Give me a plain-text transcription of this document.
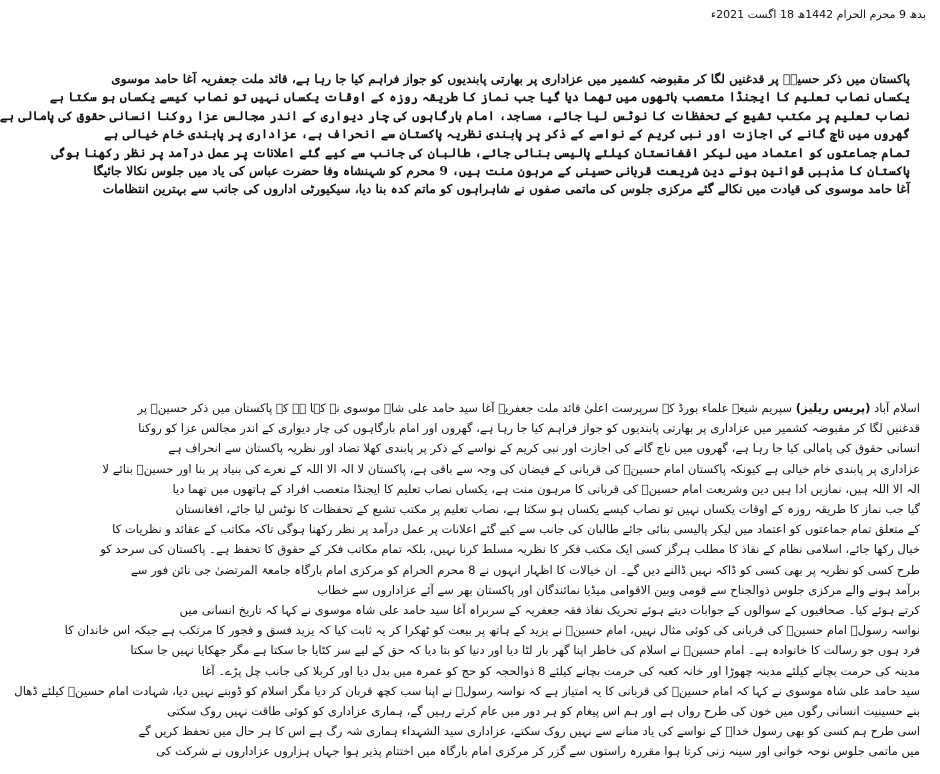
بدھ 9 محرم الحرام 1442ھ 18 اگست 2021ء
پاکستان میں ذکر حسینؑ پر قدغنیں لگا کر مقبوضہ کشمیر میں عزاداری پر بھارتی پابندیوں کو جواز فراہم کیا جا رہا ہے، قائد ملت جعفریہ آغا حامد موسوی
یکساں نصاب تعلیم کا ایجنڈا متعصب ہاتھوں میں تھما دیا گیا جب نماز کا طریقہ روزہ کے اوقات یکساں نہیں تو نصاب کیسے یکساں ہو سکتا ہے
نصاب تعلیم پر مکتب تشیع کے تحفظات کا نوٹس لیا جائے، مساجد، امام بارگاہوں کی چار دیواری کے اندر مجالس عزا روکنا انسانی حقوق کی پامالی ہے
گھروں میں ناچ گانے کی اجازت اور نبی کریم کے نواسے کے ذکر پر پابندی نظریہ پاکستان سے انحراف ہے، عزاداری پر پابندی خام خیالی ہے
تمام جماعتوں کو اعتماد میں لیکر افغانستان کیلئے پالیسی بنائی جائے، طالبان کی جانب سے کیے گئے اعلانات پر عمل درآمد پر نظر رکھنا ہوگی
پاکستان کا مذہبی قوانین ہونے دین شریعت قربانی حسینی کے مرہون منت ہیں، 9 محرم کو شہنشاہ وفا حضرت عباس کی یاد میں جلوس نکالا جائیگا
آغا حامد موسوی کی قیادت میں نکالے گئے مرکزی جلوس کی ماتمی صفوں نے شاہراہوں کو ماتم کدہ بنا دیا، سیکیورٹی اداروں کی جانب سے بہترین انتظامات
اسلام آباد (پریس ریلیز) سپریم شیعہ علماء بورڈ کے سرپرست اعلیٰ قائد ملت جعفریہ آغا سید حامد علی شاہ موسوی نے کہا ہے کہ پاکستان میں ذکر حسینؑ پر
قدغنیں لگا کر مقبوضہ کشمیر میں عزاداری پر بھارتی پابندیوں کو جواز فراہم کیا جا رہا ہے، گھروں اور امام بارگاہوں کی چار دیواری کے اندر مجالس عزا کو روکنا
انسانی حقوق کی پامالی کیا جا رہا ہے، گھروں میں ناچ گانے کی اجازت اور نبی کریم کے نواسے کے ذکر پر پابندی کھلا تضاد اور نظریہ پاکستان سے انحراف ہے
عزاداری پر پابندی خام خیالی ہے کیونکہ پاکستان امام حسینؑ کی قربانی کے فیضان کی وجہ سے باقی ہے، پاکستان لا الہ الا اللہ کے نعرے کی بنیاد پر بنا اور حسینؑ بنائے لا
الہ الا اللہ ہیں، نمازیں ادا ہیں دین وشریعت امام حسینؑ کی قربانی کا مرہون منت ہے، یکساں نصاب تعلیم کا ایجنڈا متعصب افراد کے ہاتھوں میں تھما دیا
گیا جب نماز کا طریقہ روزہ کے اوقات یکساں نہیں تو نصاب کیسے یکساں ہو سکتا ہے، نصاب تعلیم پر مکتب تشیع کے تحفظات کا نوٹس لیا جائے، افغانستان
کے متعلق تمام جماعتوں کو اعتماد میں لیکر پالیسی بنائی جائے طالبان کی جانب سے کیے گئے اعلانات پر عمل درآمد پر نظر رکھنا ہوگی تاکہ مکاتب کے عقائد و نظریات کا
خیال رکھا جائے، اسلامی نظام کے نفاذ کا مطلب ہرگز کسی ایک مکتب فکر کا نظریہ مسلط کرنا نہیں، بلکہ تمام مکاتب فکر کے حقوق کا تحفظ ہے۔ پاکستان کی سرحد کو
طرح کسی کو نظریہ پر بھی کسی کو ڈاکہ نہیں ڈالنے دیں گے۔ ان خیالات کا اظہار انہوں نے 8 محرم الحرام کو مرکزی امام بارگاہ جامعۃ المرتضیٰ جی نائن فور سے
برآمد ہونے والے مرکزی جلوس ذوالجناح سے قومی وبین الاقوامی میڈیا نمائندگان اور پاکستان بھر سے آئے عزاداروں سے خطاب
کرتے ہوئے کیا۔ صحافیوں کے سوالوں کے جوابات دیتے ہوئے تحریک نفاذ فقہ جعفریہ کے سربراہ آغا سید حامد علی شاہ موسوی نے کہا کہ تاریخ انسانی میں
نواسہ رسولؐ امام حسینؑ کی قربانی کی کوئی مثال نہیں، امام حسینؑ نے یزید کے ہاتھ پر بیعت کو ٹھکرا کر یہ ثابت کیا کہ یزید فسق و فجور کا مرتکب ہے جبکہ اس خاندان کا
فرد ہوں جو رسالت کا خانوادہ ہے۔ امام حسینؑ نے اسلام کی خاطر اپنا گھر بار لٹا دیا اور دنیا کو بتا دیا کہ حق کے لیے سر کٹایا جا سکتا ہے مگر جھکایا نہیں جا سکتا
مدینہ کی حرمت بچانے کیلئے مدینہ چھوڑا اور خانہ کعبہ کی حرمت بچانے کیلئے 8 ذوالحجہ کو حج کو عمرہ میں بدل دیا اور کربلا کی جانب چل پڑے۔ آغا
سید حامد علی شاہ موسوی نے کہا کہ امام حسینؑ کی قربانی کا یہ امتیاز ہے کہ نواسہ رسولؐ نے اپنا سب کچھ قربان کر دیا مگر اسلام کو ڈوبنے نہیں دیا، شہادت امام حسینؑ کیلئے ڈھال
بنے حسینیت انسانی رگوں میں خون کی طرح رواں ہے اور ہم اس پیغام کو ہر دور میں عام کرتے رہیں گے، ہماری عزاداری کو کوئی طاقت نہیں روک سکتی
اسی طرح ہم کسی کو بھی رسول خداؐ کے نواسے کی یاد منانے سے نہیں روک سکتے، عزاداری سید الشہداء ہماری شہ رگ ہے اس کا ہر حال میں تحفظ کریں گے
میں ماتمی جلوس نوحہ خوانی اور سینہ زنی کرتا ہوا مقررہ راستوں سے گزر کر مرکزی امام بارگاہ میں اختتام پذیر ہوا جہاں ہزاروں عزاداروں نے شرکت کی
